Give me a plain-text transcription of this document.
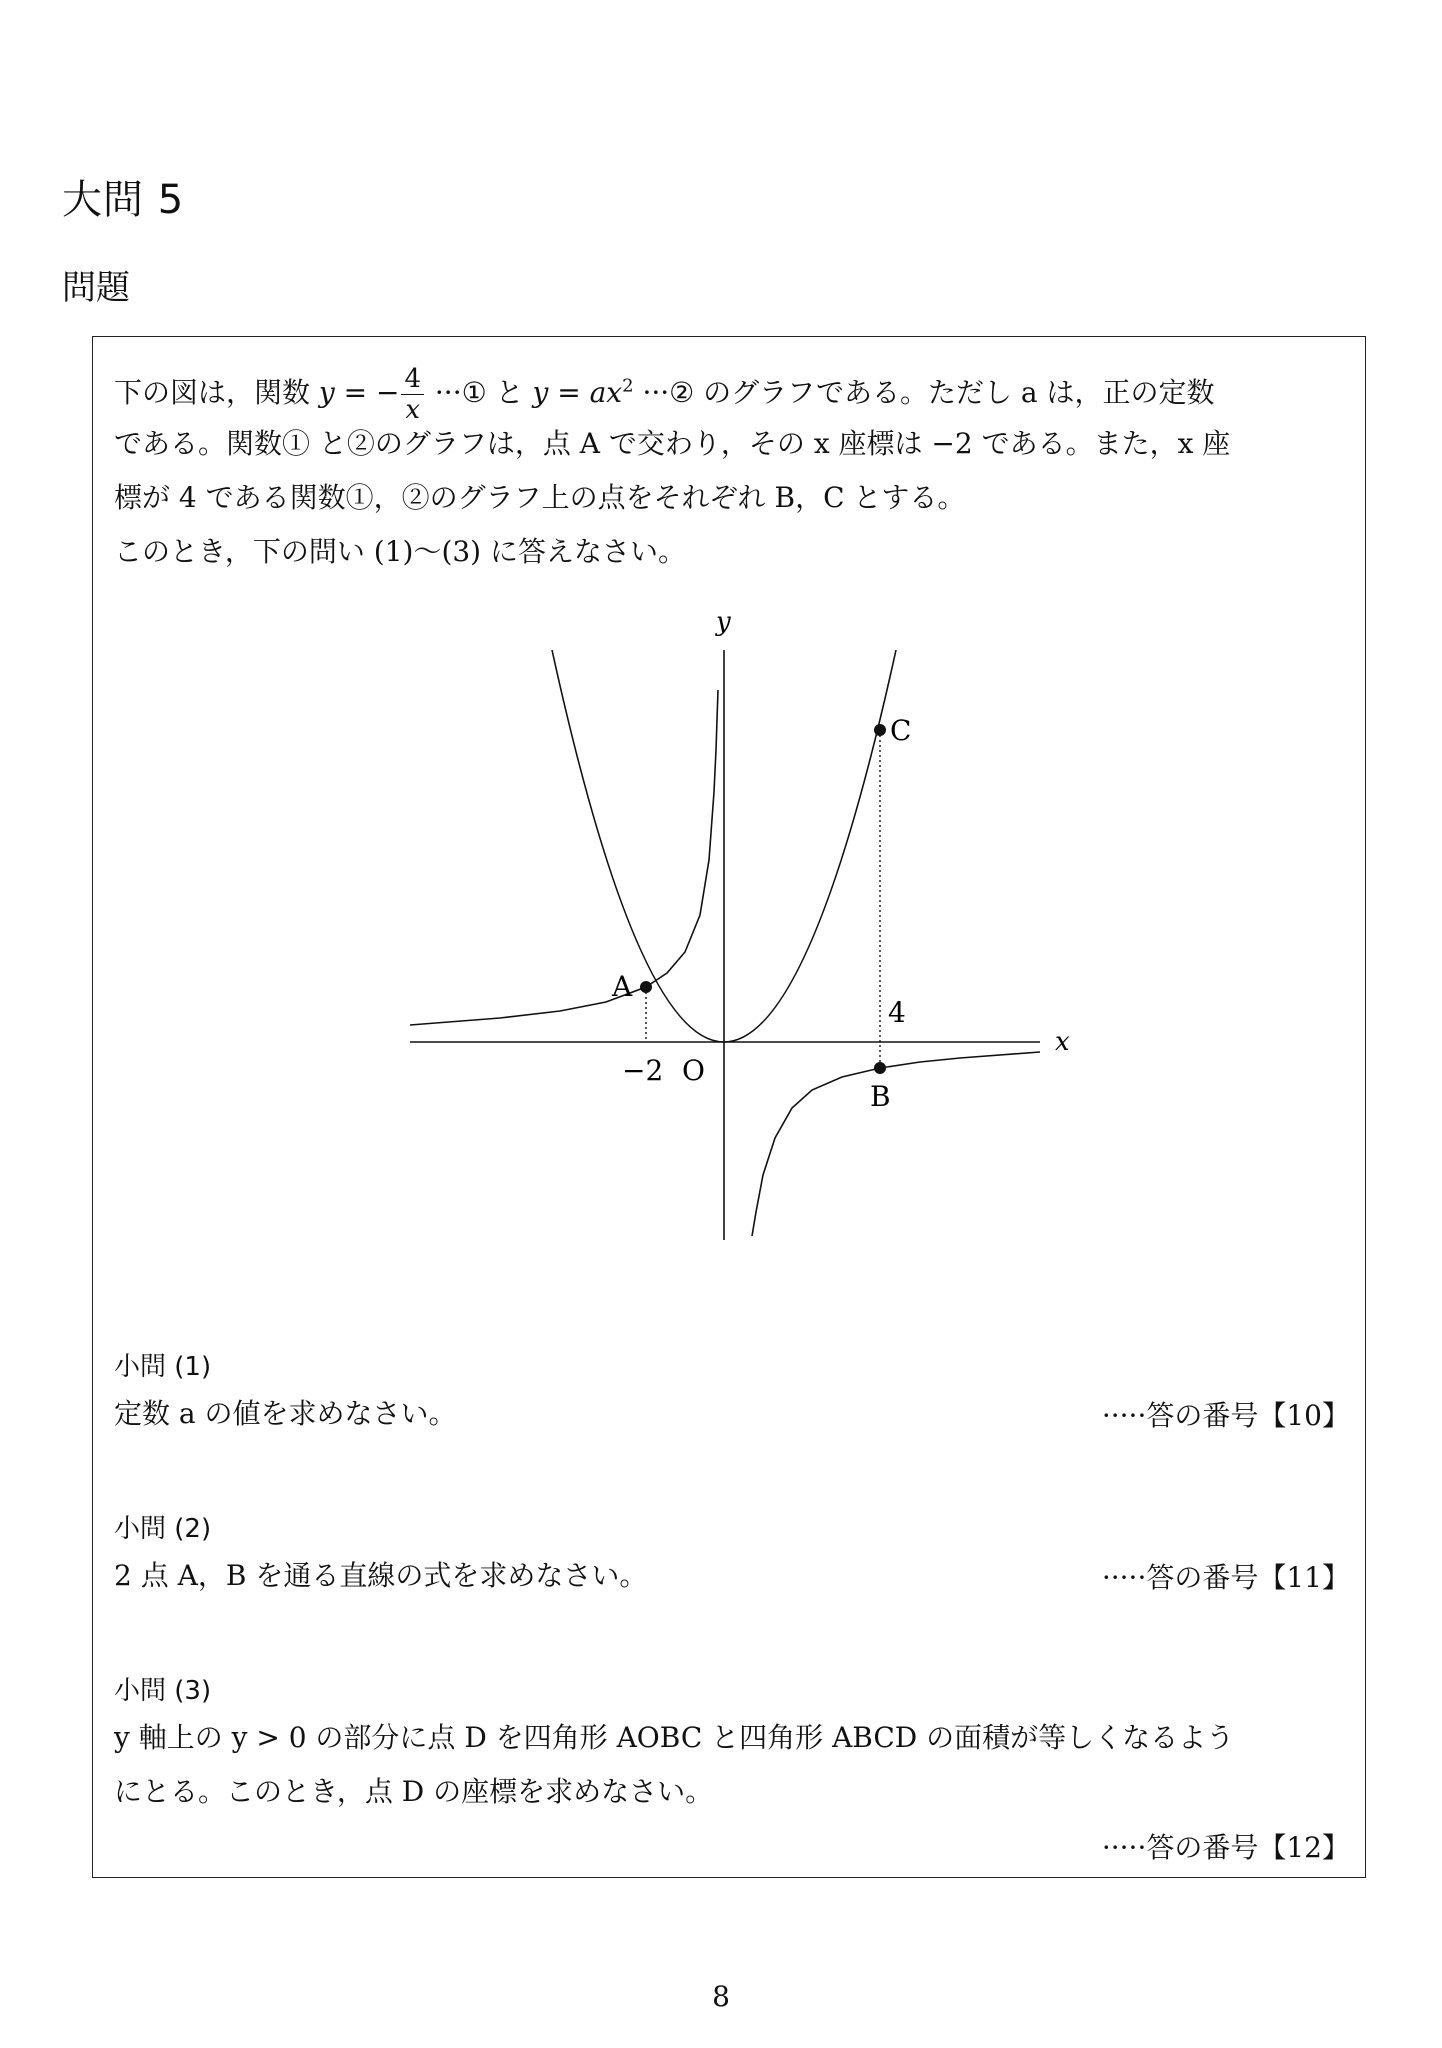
大問 5
問題
下の図は，関数 y = − $\frac{4}{x}$ ···① と $y = ax^2$ ···② のグラフである。ただし a は，正の定数
である。関数① と②のグラフは，点 A で交わり，その x 座標は −2 である。また，x 座
標が 4 である関数①，②のグラフ上の点をそれぞれ B，C とする。
このとき，下の問い (1)〜(3) に答えなさい。
x
y
A
C
B
4
−2 O
小問 (1)
定数 a の値を求めなさい。	·····答の番号【10】
小問 (2)
2 点 A，B を通る直線の式を求めなさい。	·····答の番号【11】
小問 (3)
y 軸上の y > 0 の部分に点 D を四角形 AOBC と四角形 ABCD の面積が等しくなるよう
にとる。このとき，点 D の座標を求めなさい。
·····答の番号【12】
8
